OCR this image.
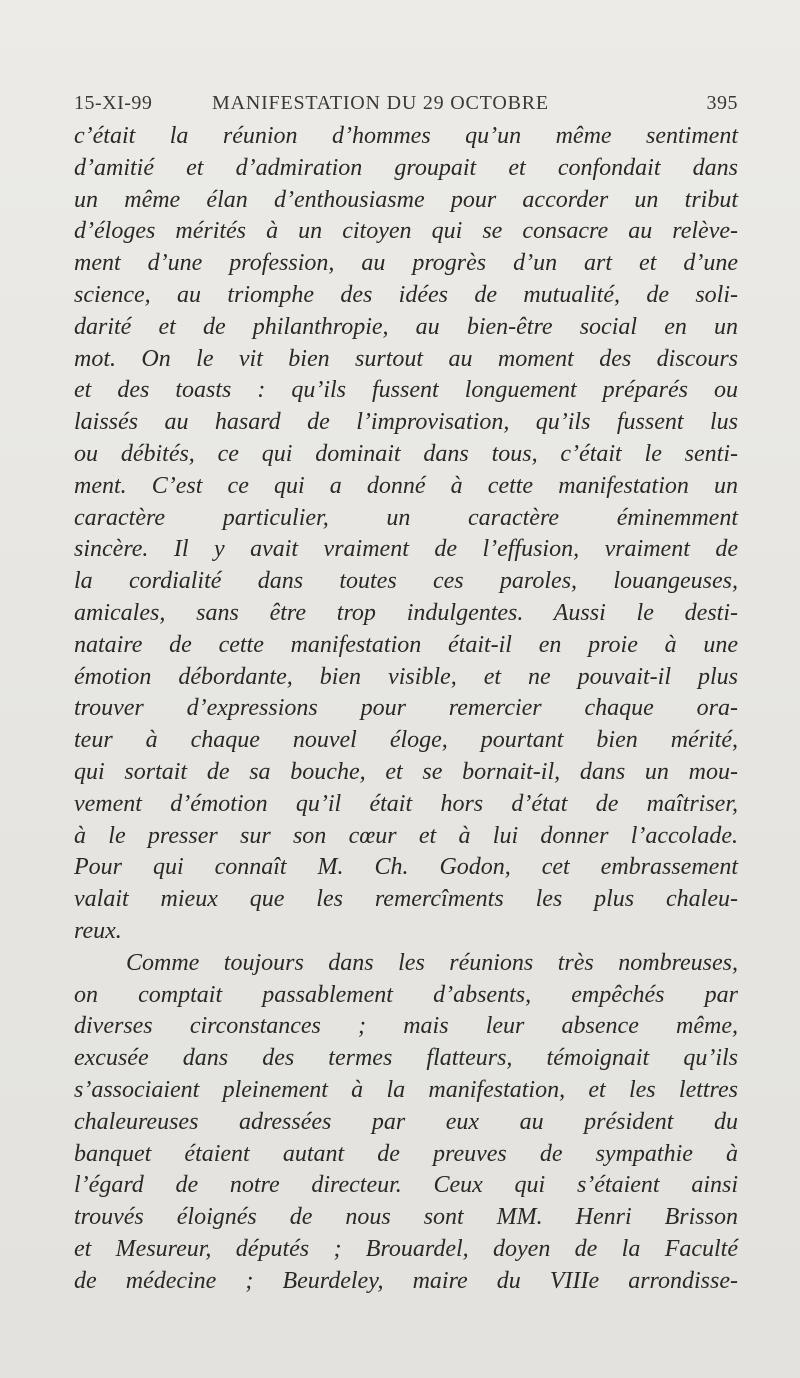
15-XI-99	MANIFESTATION DU 29 OCTOBRE	395
c’était la réunion d’hommes qu’un même sentiment
d’amitié et d’admiration groupait et confondait dans
un même élan d’enthousiasme pour accorder un tribut
d’éloges mérités à un citoyen qui se consacre au relève-
ment d’une profession, au progrès d’un art et d’une
science, au triomphe des idées de mutualité, de soli-
darité et de philanthropie, au bien-être social en un
mot. On le vit bien surtout au moment des discours
et des toasts : qu’ils fussent longuement préparés ou
laissés au hasard de l’improvisation, qu’ils fussent lus
ou débités, ce qui dominait dans tous, c’était le senti-
ment. C’est ce qui a donné à cette manifestation un
caractère particulier, un caractère éminemment
sincère. Il y avait vraiment de l’effusion, vraiment de
la cordialité dans toutes ces paroles, louangeuses,
amicales, sans être trop indulgentes. Aussi le desti-
nataire de cette manifestation était-il en proie à une
émotion débordante, bien visible, et ne pouvait-il plus
trouver d’expressions pour remercier chaque ora-
teur à chaque nouvel éloge, pourtant bien mérité,
qui sortait de sa bouche, et se bornait-il, dans un mou-
vement d’émotion qu’il était hors d’état de maîtriser,
à le presser sur son cœur et à lui donner l’accolade.
Pour qui connaît M. Ch. Godon, cet embrassement
valait mieux que les remercîments les plus chaleu-
reux.
Comme toujours dans les réunions très nombreuses,
on comptait passablement d’absents, empêchés par
diverses circonstances ; mais leur absence même,
excusée dans des termes flatteurs, témoignait qu’ils
s’associaient pleinement à la manifestation, et les lettres
chaleureuses adressées par eux au président du
banquet étaient autant de preuves de sympathie à
l’égard de notre directeur. Ceux qui s’étaient ainsi
trouvés éloignés de nous sont MM. Henri Brisson
et Mesureur, députés ; Brouardel, doyen de la Faculté
de médecine ; Beurdeley, maire du VIIIe arrondisse-
